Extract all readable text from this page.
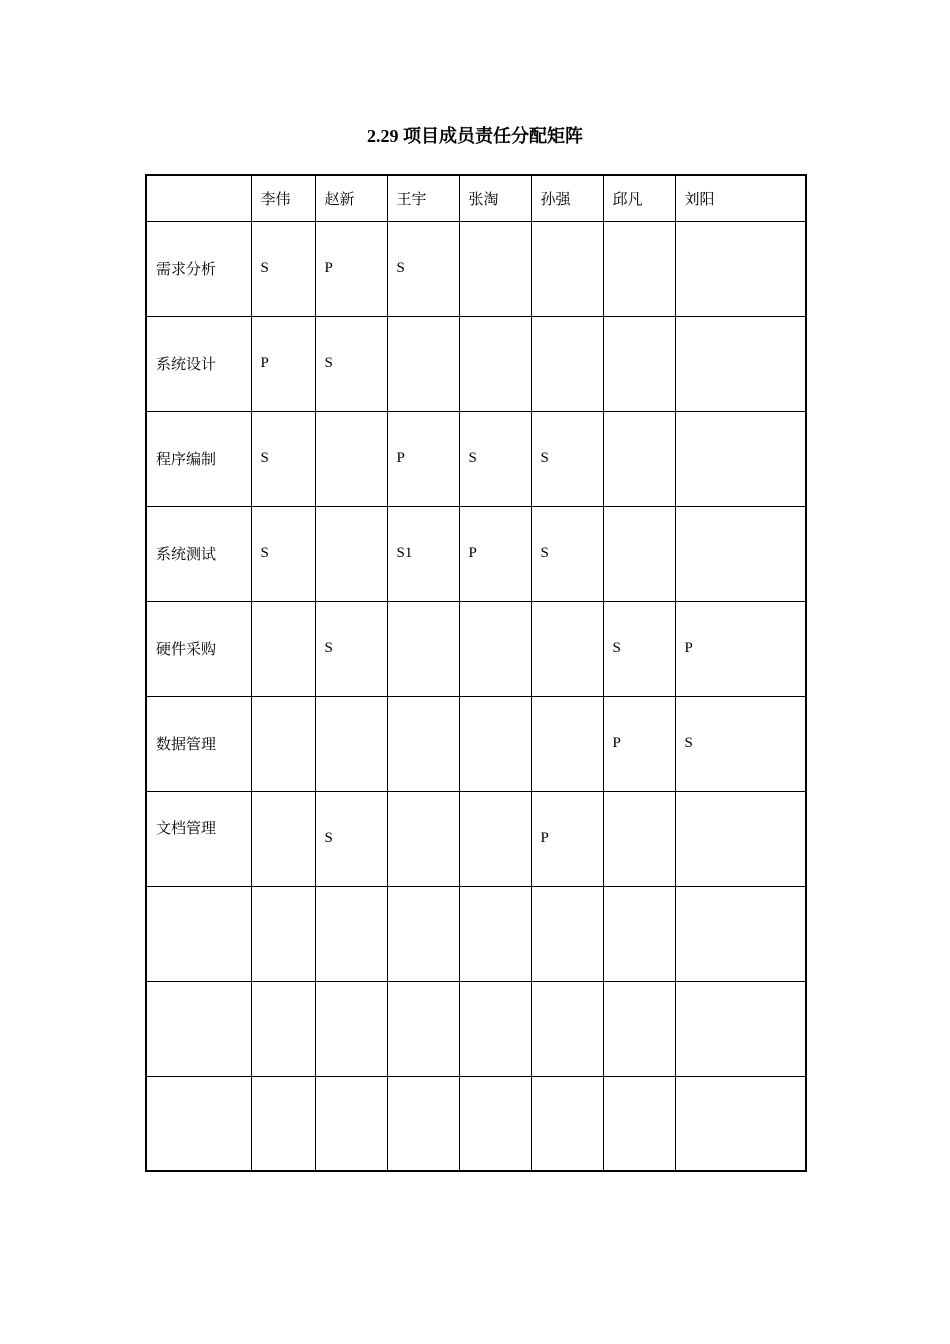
2.29 项目成员责任分配矩阵
	李伟	赵新	王宇	张淘	孙强	邱凡	刘阳
需求分析	S	P	S				
系统设计	P	S					
程序编制	S		P	S	S		
系统测试	S		S1	P	S		
硬件采购		S				S	P
数据管理						P	S
文档管理		S			P		
